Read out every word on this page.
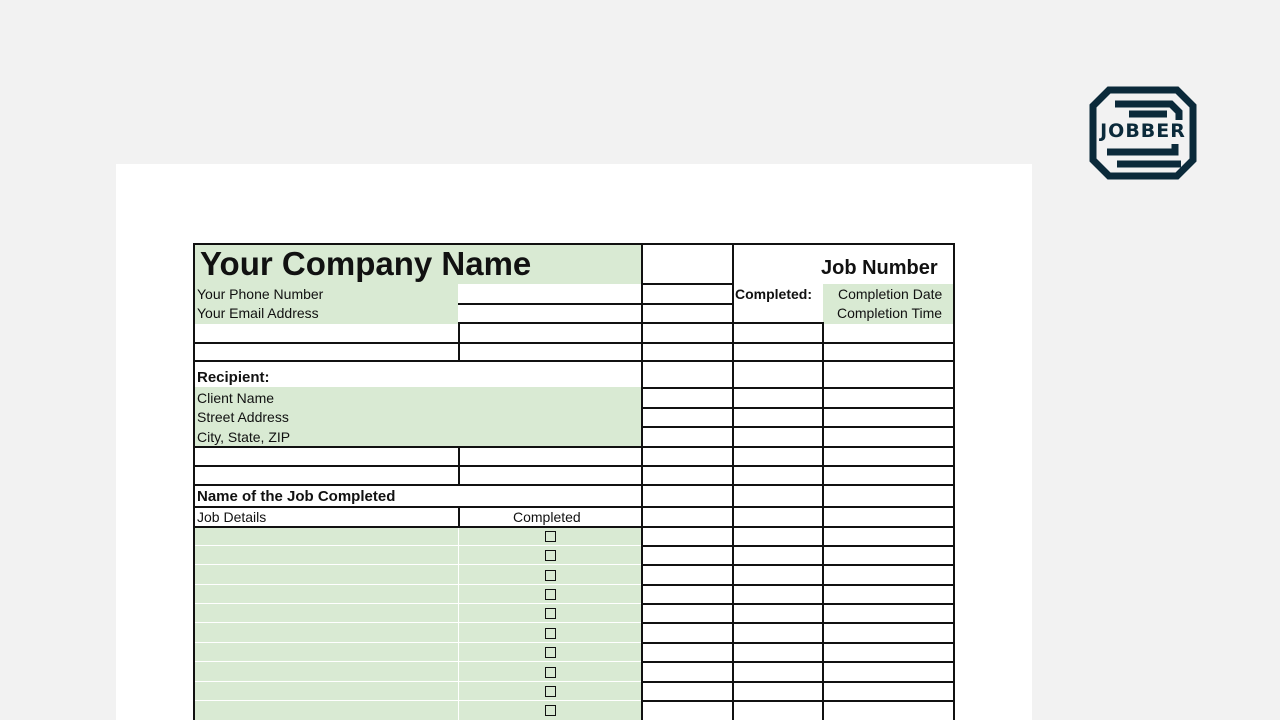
JOBBER
Your Company Name	Job Number
Your Phone Number
Your Email Address
Completed: Completion Date
Completion Time
Recipient:
Client Name
Street Address
City, State, ZIP
Name of the Job Completed
Job Details	Completed
